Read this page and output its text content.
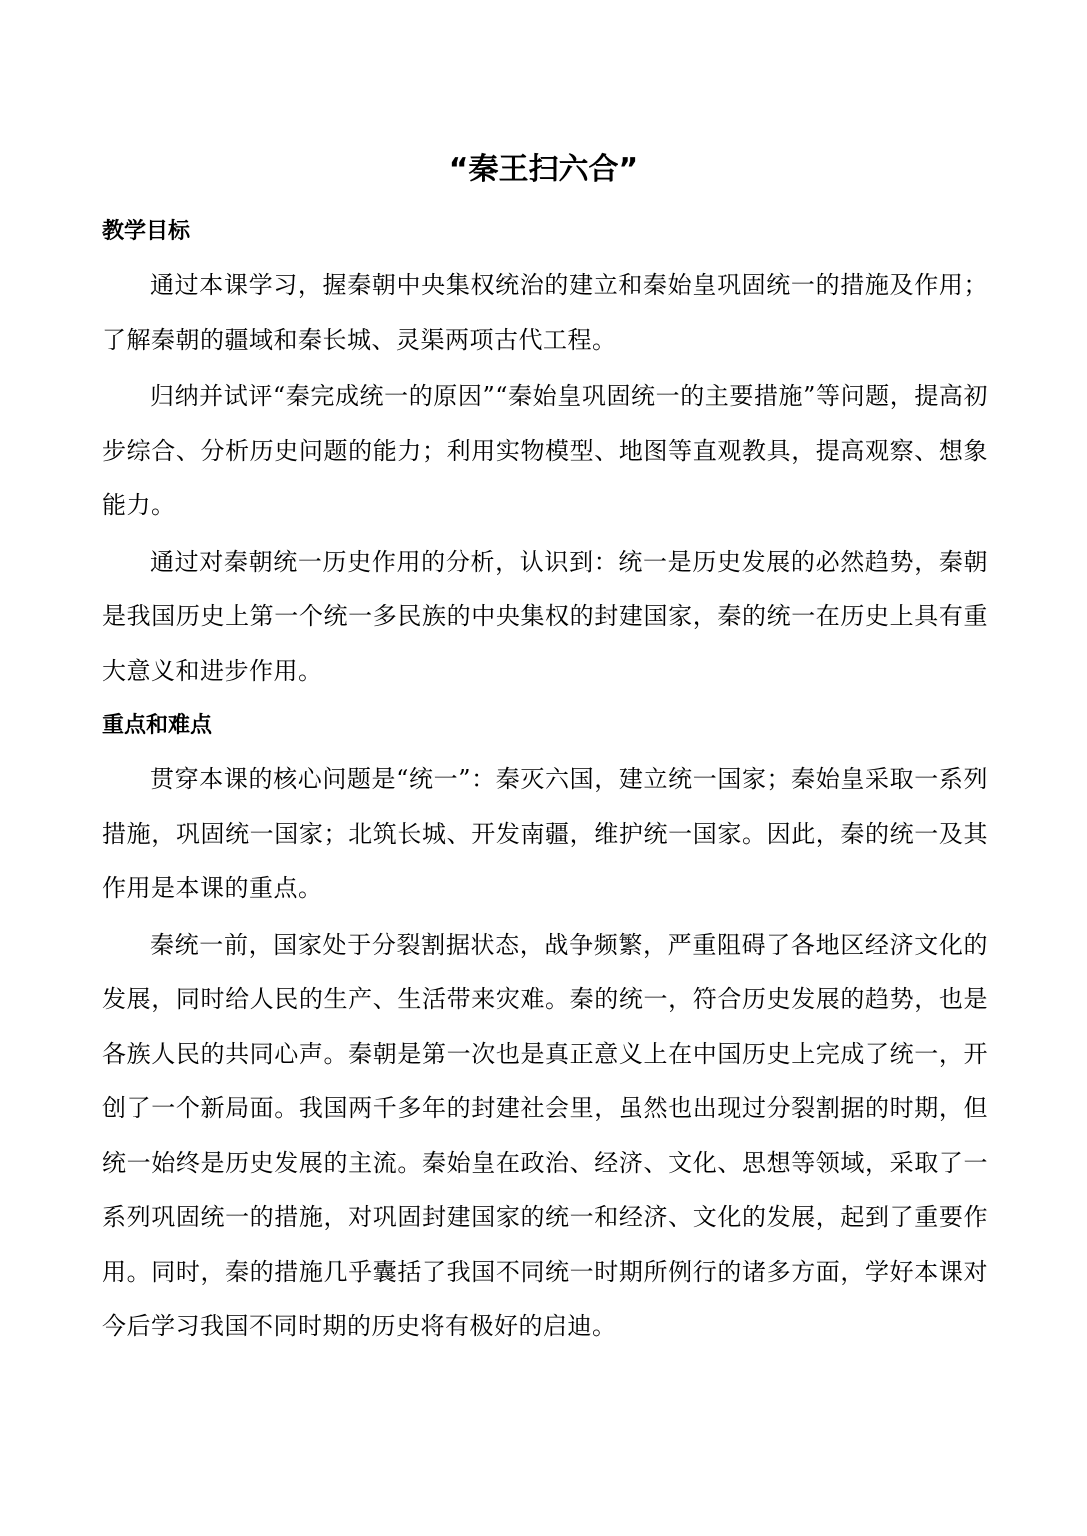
“秦王扫六合”
教学目标

通过本课学习，握秦朝中央集权统治的建立和秦始皇巩固统一的措施及作用；了解秦朝的疆域和秦长城、灵渠两项古代工程。

归纳并试评“秦完成统一的原因”“秦始皇巩固统一的主要措施”等问题，提高初步综合、分析历史问题的能力；利用实物模型、地图等直观教具，提高观察、想象能力。

通过对秦朝统一历史作用的分析，认识到：统一是历史发展的必然趋势，秦朝是我国历史上第一个统一多民族的中央集权的封建国家，秦的统一在历史上具有重大意义和进步作用。

重点和难点

贯穿本课的核心问题是“统一”：秦灭六国，建立统一国家；秦始皇采取一系列措施，巩固统一国家；北筑长城、开发南疆，维护统一国家。因此，秦的统一及其作用是本课的重点。

秦统一前，国家处于分裂割据状态，战争频繁，严重阻碍了各地区经济文化的发展，同时给人民的生产、生活带来灾难。秦的统一，符合历史发展的趋势，也是各族人民的共同心声。秦朝是第一次也是真正意义上在中国历史上完成了统一，开创了一个新局面。我国两千多年的封建社会里，虽然也出现过分裂割据的时期，但统一始终是历史发展的主流。秦始皇在政治、经济、文化、思想等领域，采取了一系列巩固统一的措施，对巩固封建国家的统一和经济、文化的发展，起到了重要作用。同时，秦的措施几乎囊括了我国不同统一时期所例行的诸多方面，学好本课对今后学习我国不同时期的历史将有极好的启迪。
